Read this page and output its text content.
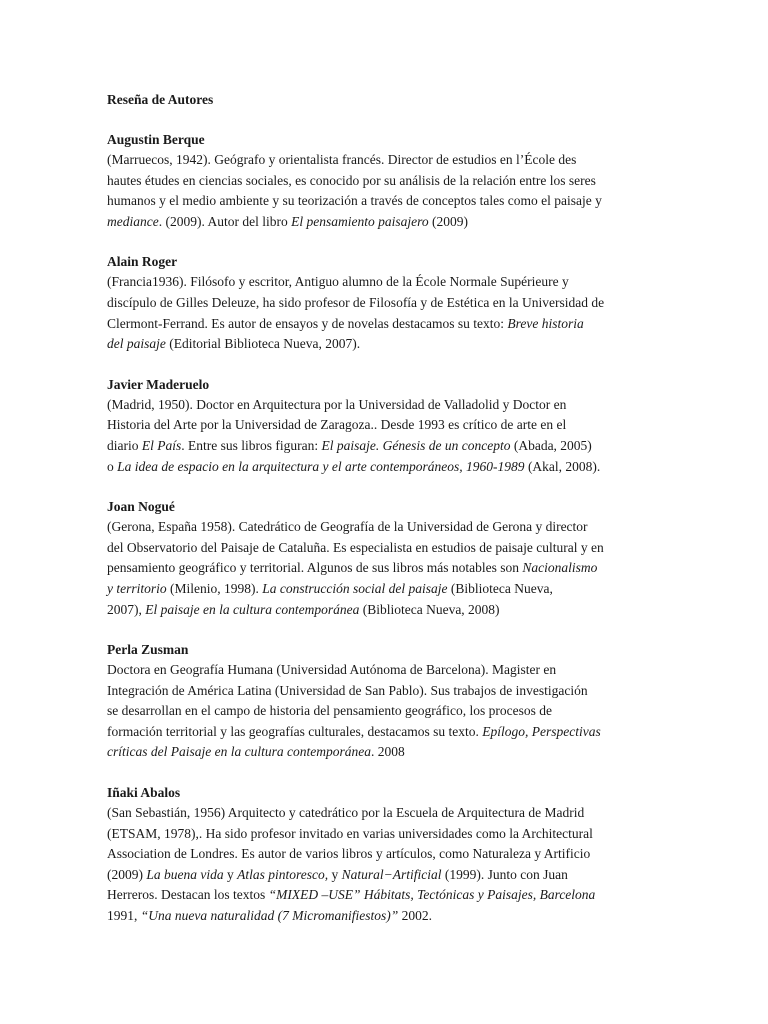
Reseña de Autores

Augustin Berque

(Marruecos, 1942). Geógrafo y orientalista francés. Director de estudios en l’École des
hautes études en ciencias sociales, es conocido por su análisis de la relación entre los seres
humanos y el medio ambiente y su teorización a través de conceptos tales como el paisaje y
mediance. (2009). Autor del libro El pensamiento paisajero (2009)

Alain Roger

(Francia1936). Filósofo y escritor, Antiguo alumno de la École Normale Supérieure y
discípulo de Gilles Deleuze, ha sido profesor de Filosofía y de Estética en la Universidad de
Clermont-Ferrand. Es autor de ensayos y de novelas destacamos su texto: Breve historia
del paisaje (Editorial Biblioteca Nueva, 2007).

Javier Maderuelo

(Madrid, 1950). Doctor en Arquitectura por la Universidad de Valladolid y Doctor en
Historia del Arte por la Universidad de Zaragoza.. Desde 1993 es crítico de arte en el
diario El País. Entre sus libros figuran: El paisaje. Génesis de un concepto (Abada, 2005)
o La idea de espacio en la arquitectura y el arte contemporáneos, 1960-1989 (Akal, 2008).

Joan Nogué

(Gerona, España 1958). Catedrático de Geografía de la Universidad de Gerona y director
del Observatorio del Paisaje de Cataluña. Es especialista en estudios de paisaje cultural y en
pensamiento geográfico y territorial. Algunos de sus libros más notables son Nacionalismo
y territorio (Milenio, 1998). La construcción social del paisaje (Biblioteca Nueva,
2007), El paisaje en la cultura contemporánea (Biblioteca Nueva, 2008)

Perla Zusman

Doctora en Geografía Humana (Universidad Autónoma de Barcelona). Magister en
Integración de América Latina (Universidad de San Pablo). Sus trabajos de investigación
se desarrollan en el campo de historia del pensamiento geográfico, los procesos de
formación territorial y las geografías culturales, destacamos su texto. Epílogo, Perspectivas
críticas del Paisaje en la cultura contemporánea. 2008

Iñaki Abalos

(San Sebastián, 1956) Arquitecto y catedrático por la Escuela de Arquitectura de Madrid
(ETSAM, 1978),. Ha sido profesor invitado en varias universidades como la Architectural
Association de Londres. Es autor de varios libros y artículos, como Naturaleza y Artificio
(2009) La buena vida y Atlas pintoresco, y Natural−Artificial (1999). Junto con Juan
Herreros. Destacan los textos “MIXED –USE” Hábitats, Tectónicas y Paisajes, Barcelona
1991, “Una nueva naturalidad (7 Micromanifiestos)” 2002.
